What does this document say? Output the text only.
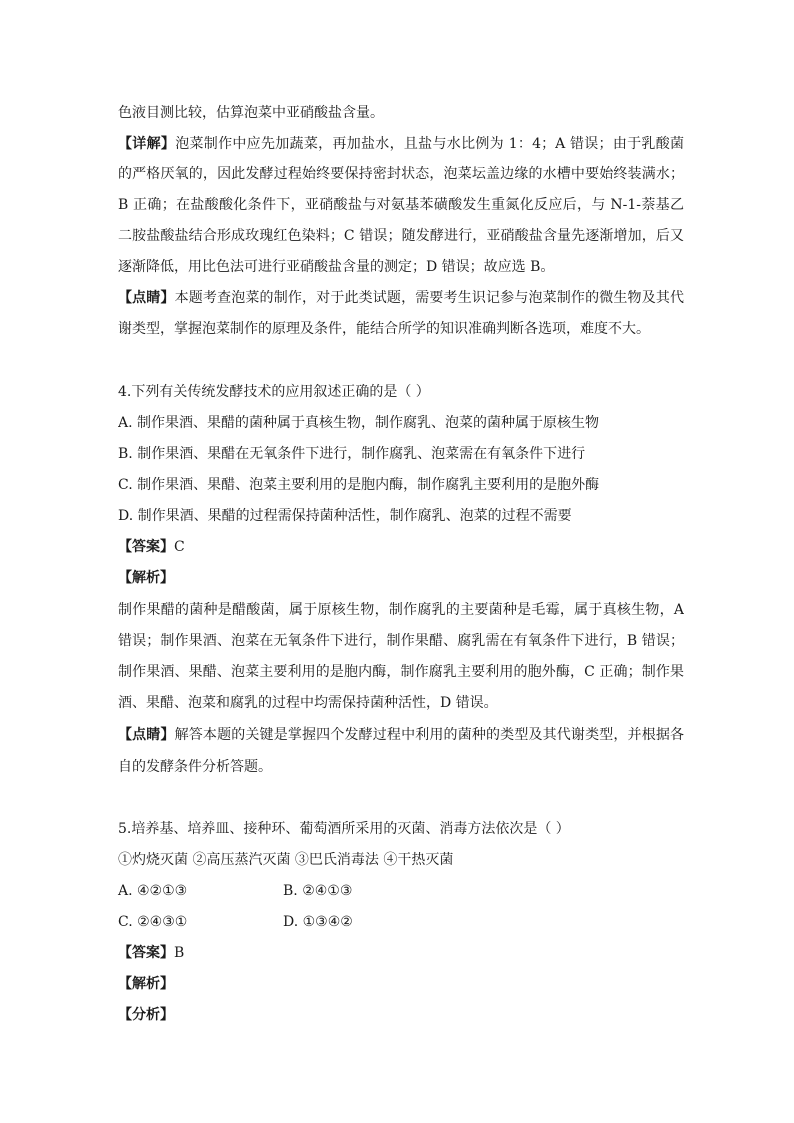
色液目测比较，估算泡菜中亚硝酸盐含量。
【详解】泡菜制作中应先加蔬菜，再加盐水，且盐与水比例为 1：4；A 错误；由于乳酸菌
的严格厌氧的，因此发酵过程始终要保持密封状态，泡菜坛盖边缘的水槽中要始终装满水；
B 正确；在盐酸酸化条件下，亚硝酸盐与对氨基苯磺酸发生重氮化反应后，与 N-1-萘基乙
二胺盐酸盐结合形成玫瑰红色染料；C 错误；随发酵进行，亚硝酸盐含量先逐渐增加，后又
逐渐降低，用比色法可进行亚硝酸盐含量的测定；D 错误；故应选 B。
【点睛】本题考查泡菜的制作，对于此类试题，需要考生识记参与泡菜制作的微生物及其代
谢类型，掌握泡菜制作的原理及条件，能结合所学的知识准确判断各选项，难度不大。
4.下列有关传统发酵技术的应用叙述正确的是（ ）
A. 制作果酒、果醋的菌种属于真核生物，制作腐乳、泡菜的菌种属于原核生物
B. 制作果酒、果醋在无氧条件下进行，制作腐乳、泡菜需在有氧条件下进行
C. 制作果酒、果醋、泡菜主要利用的是胞内酶，制作腐乳主要利用的是胞外酶
D. 制作果酒、果醋的过程需保持菌种活性，制作腐乳、泡菜的过程不需要
【答案】C
【解析】
制作果醋的菌种是醋酸菌，属于原核生物，制作腐乳的主要菌种是毛霉，属于真核生物，A
错误；制作果酒、泡菜在无氧条件下进行，制作果醋、腐乳需在有氧条件下进行，B 错误；
制作果酒、果醋、泡菜主要利用的是胞内酶，制作腐乳主要利用的胞外酶，C 正确；制作果
酒、果醋、泡菜和腐乳的过程中均需保持菌种活性，D 错误。
【点睛】解答本题的关键是掌握四个发酵过程中利用的菌种的类型及其代谢类型，并根据各
自的发酵条件分析答题。
5.培养基、培养皿、接种环、葡萄酒所采用的灭菌、消毒方法依次是（ ）
①灼烧灭菌 ②高压蒸汽灭菌 ③巴氏消毒法 ④干热灭菌
A. ④②①③	B. ②④①③
C. ②④③①	D. ①③④②
【答案】B
【解析】
【分析】
